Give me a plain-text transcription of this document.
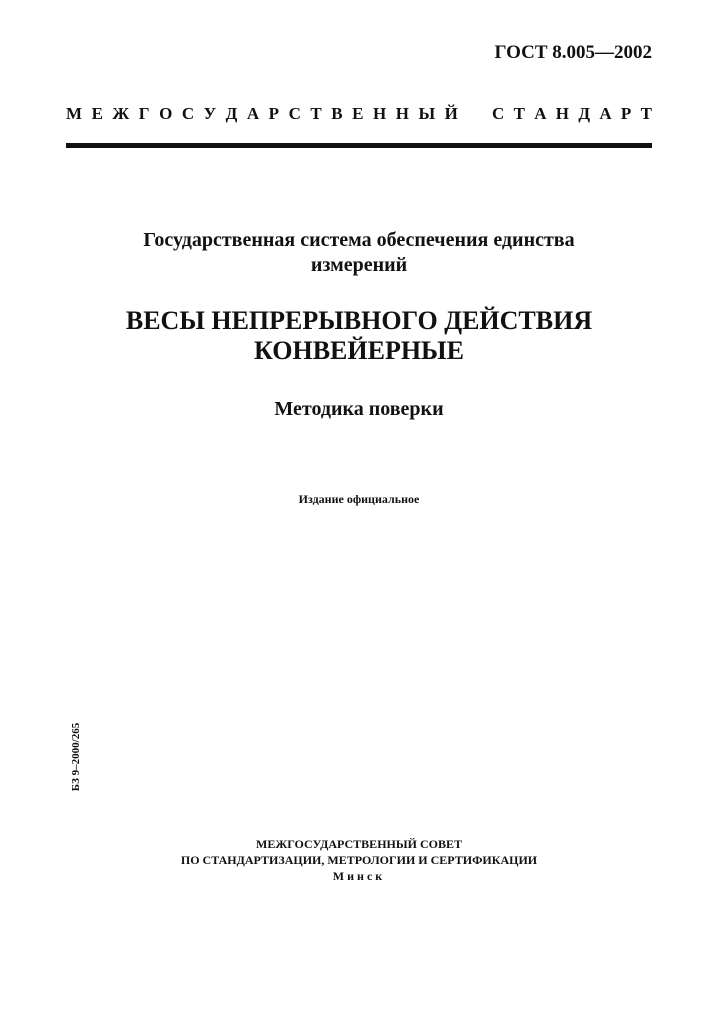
ГОСТ 8.005—2002
М Е Ж Г О С У Д А Р С Т В Е Н Н Ы Й С Т А Н Д А Р Т
Государственная система обеспечения единства
измерений
ВЕСЫ НЕПРЕРЫВНОГО ДЕЙСТВИЯ
КОНВЕЙЕРНЫЕ
Методика поверки
Издание официальное
БЗ 9–2000/265
МЕЖГОСУДАРСТВЕННЫЙ СОВЕТ
ПО СТАНДАРТИЗАЦИИ, МЕТРОЛОГИИ И СЕРТИФИКАЦИИ
Минск
